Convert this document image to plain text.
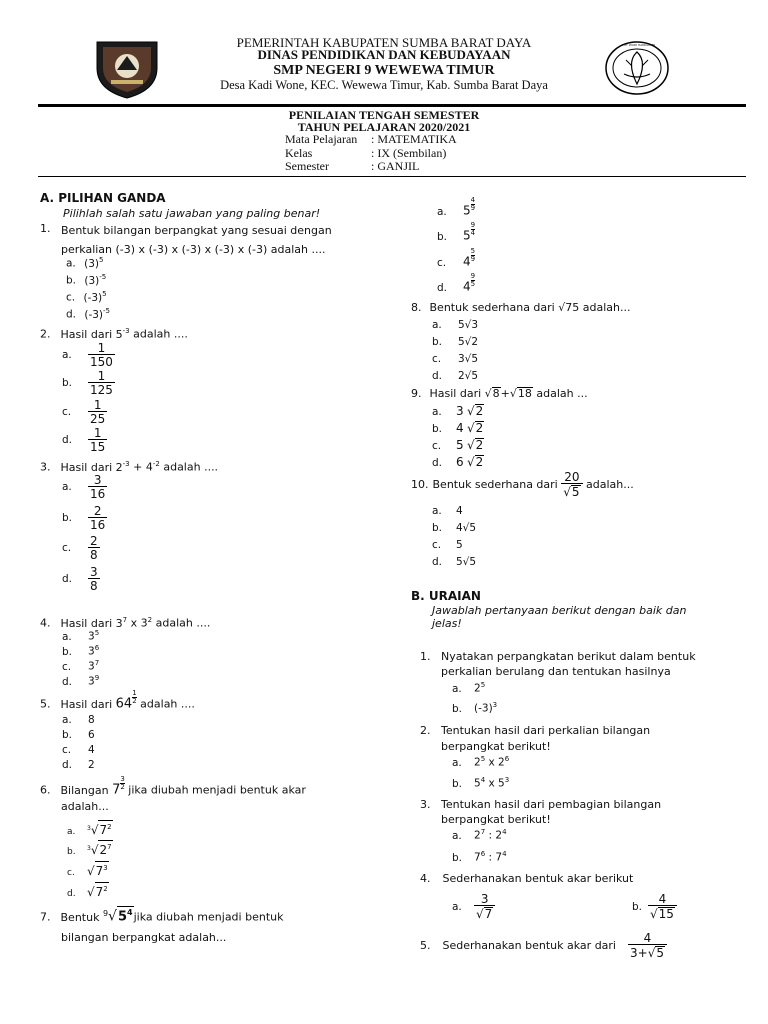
TUT WURI HANDAYANI
PEMERINTAH KABUPATEN SUMBA BARAT DAYA
DINAS PENDIDIKAN DAN KEBUDAYAAN
SMP NEGERI 9 WEWEWA TIMUR
Desa Kadi Wone, KEC. Wewewa Timur, Kab. Sumba Barat Daya
PENILAIAN TENGAH SEMESTER
TAHUN PELAJARAN 2020/2021
Mata Pelajaran : MATEMATIKA
Kelas	: IX (Sembilan)
Semester	: GANJIL
A. PILIHAN GANDA
Pilihlah salah satu jawaban yang paling benar!
1. Bentuk bilangan berpangkat yang sesuai dengan
perkalian (-3) x (-3) x (-3) x (-3) x (-3) adalah ....
a. $(3)^5$
b. $(3)^{-5}$
c. $(-3)^5$
d. $(-3)^{-5}$
2. Hasil dari $5^{-3}$ adalah ....
a. $\frac{1}{150}$
b. $\frac{1}{125}$
c. $\frac{1}{25}$
d. $\frac{1}{15}$
3. Hasil dari $2^{-3} + 4^{-2}$ adalah ....
a. $\frac{3}{16}$
b. $\frac{2}{16}$
c. $\frac{2}{8}$
d. $\frac{3}{8}$
4. Hasil dari $3^7$ x $3^2$ adalah ....
a. $3^5$
b. $3^6$
c. $3^7$
d. $3^9$
5. Hasil dari $64 \frac{1}{2}$ adalah ....
a. 8
b. 6
c. 4
d. 2
6. Bilangan $7 \frac{3}{2}$ jika diubah menjadi bentuk akar
adalah...
a. $^3√7^2$
b. $^3√2^7$
c. $√7^3$
d. $√7^2$
7. Bentuk $^9√5^4jika$ diubah menjadi bentuk
bilangan berpangkat adalah...
a. $5 \frac{4}{9}$
b. $5 \frac{9}{4}$
c. $4 \frac{5}{9}$
d. $4 \frac{9}{5}$
8. Bentuk sederhana dari √75 adalah...
a. 5√3
b. 5√2
c. 3√5
d. 2√5
9. Hasil dari √8+√18 adalah ...
a. 3 √2
b. 4 √2
c. 5 √2
d. 6 √2
10. Bentuk sederhana dari $\frac{20}{√5}$ adalah...
a. 4
b. 4√5
c. 5
d. 5√5
B. URAIAN
Jawablah pertanyaan berikut dengan baik dan
jelas!
1. Nyatakan perpangkatan berikut dalam bentuk
perkalian berulang dan tentukan hasilnya
a. $2^5$
b. $(-3)^3$
2. Tentukan hasil dari perkalian bilangan
berpangkat berikut!
a. $2^5$ x $2^6$
b. $5^4$ x $5^3$
3. Tentukan hasil dari pembagian bilangan
berpangkat berikut!
a. $2^7$ : $2^4$
b. $7^6$ : $7^4$
4. Sederhanakan bentuk akar berikut
a. $\frac{3}{√7}$	b. $\frac{4}{√15}$
5. Sederhanakan bentuk akar dari $\frac{4}{3+√5}$
